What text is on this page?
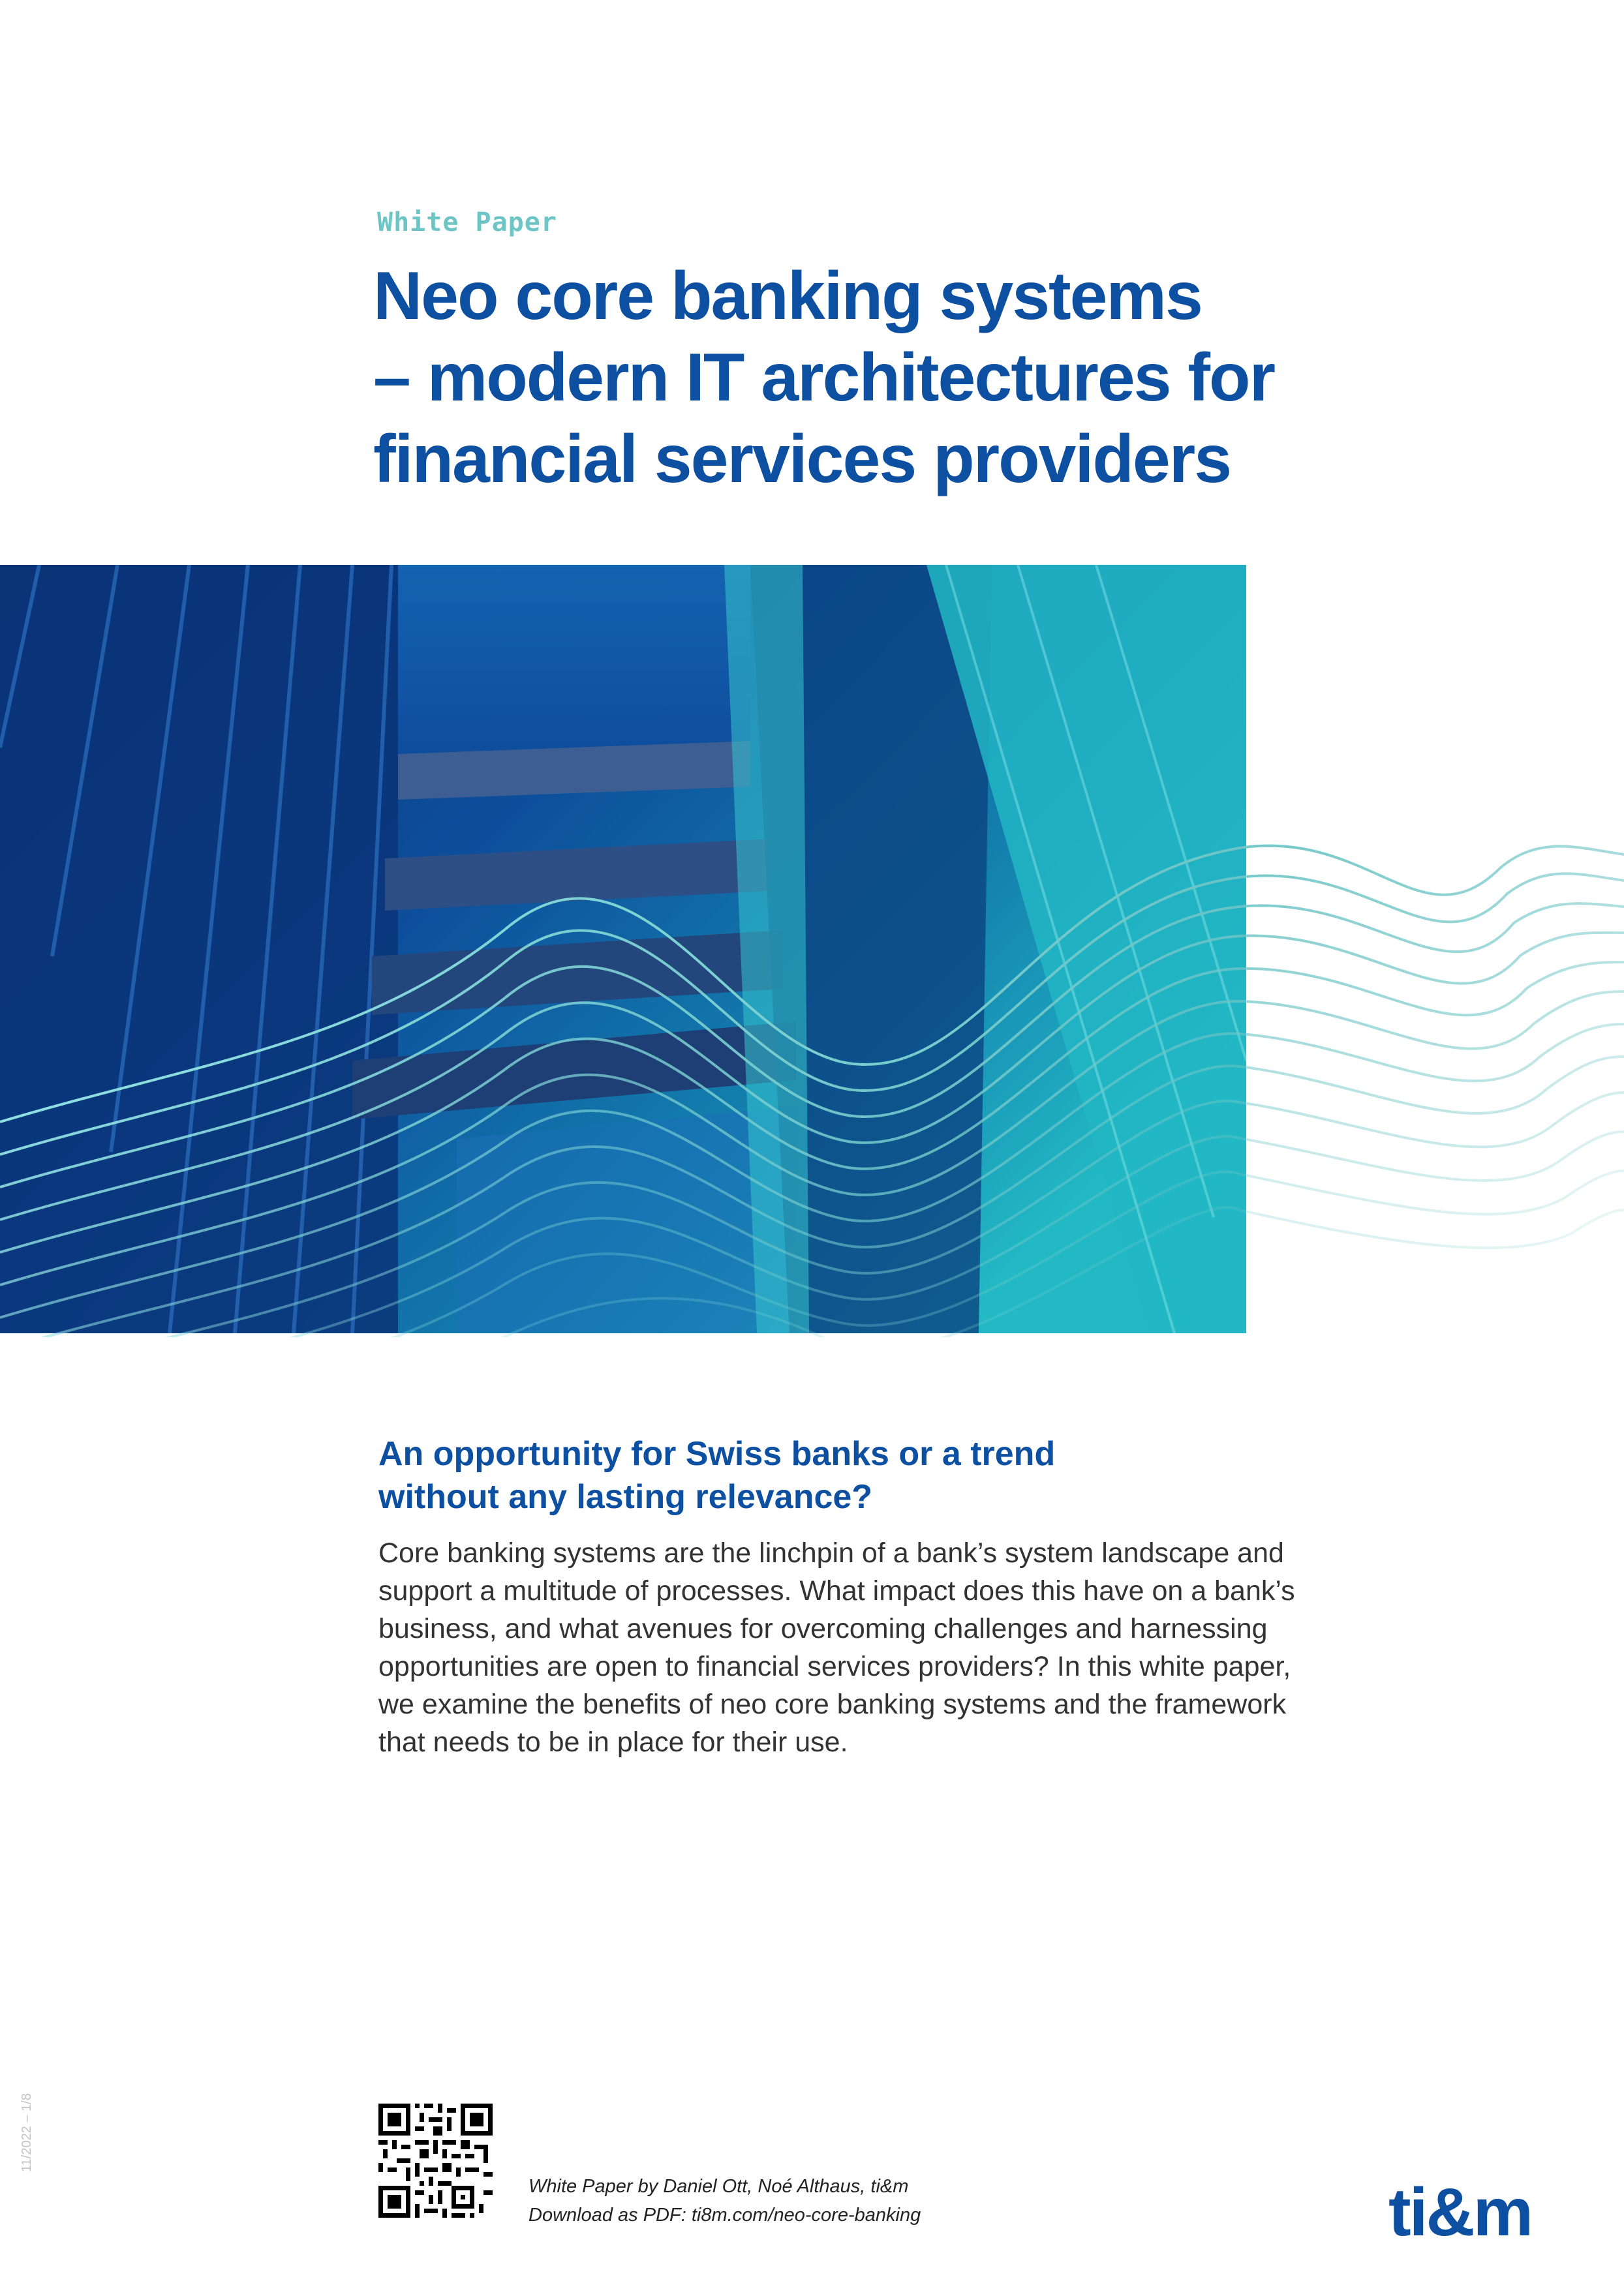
White Paper
Neo core banking systems
– modern IT architectures for
financial services providers
An opportunity for Swiss banks or a trend
without any lasting relevance?

Core banking systems are the linchpin of a bank’s system landscape and
support a multitude of processes. What impact does this have on a bank’s
business, and what avenues for overcoming challenges and harnessing
opportunities are open to financial services providers? In this white paper,
we examine the benefits of neo core banking systems and the framework
that needs to be in place for their use.

White Paper by Daniel Ott, Noé Althaus, ti&m
Download as PDF: ti8m.com/neo-core-banking	ti&m
11/2022 – 1/8
